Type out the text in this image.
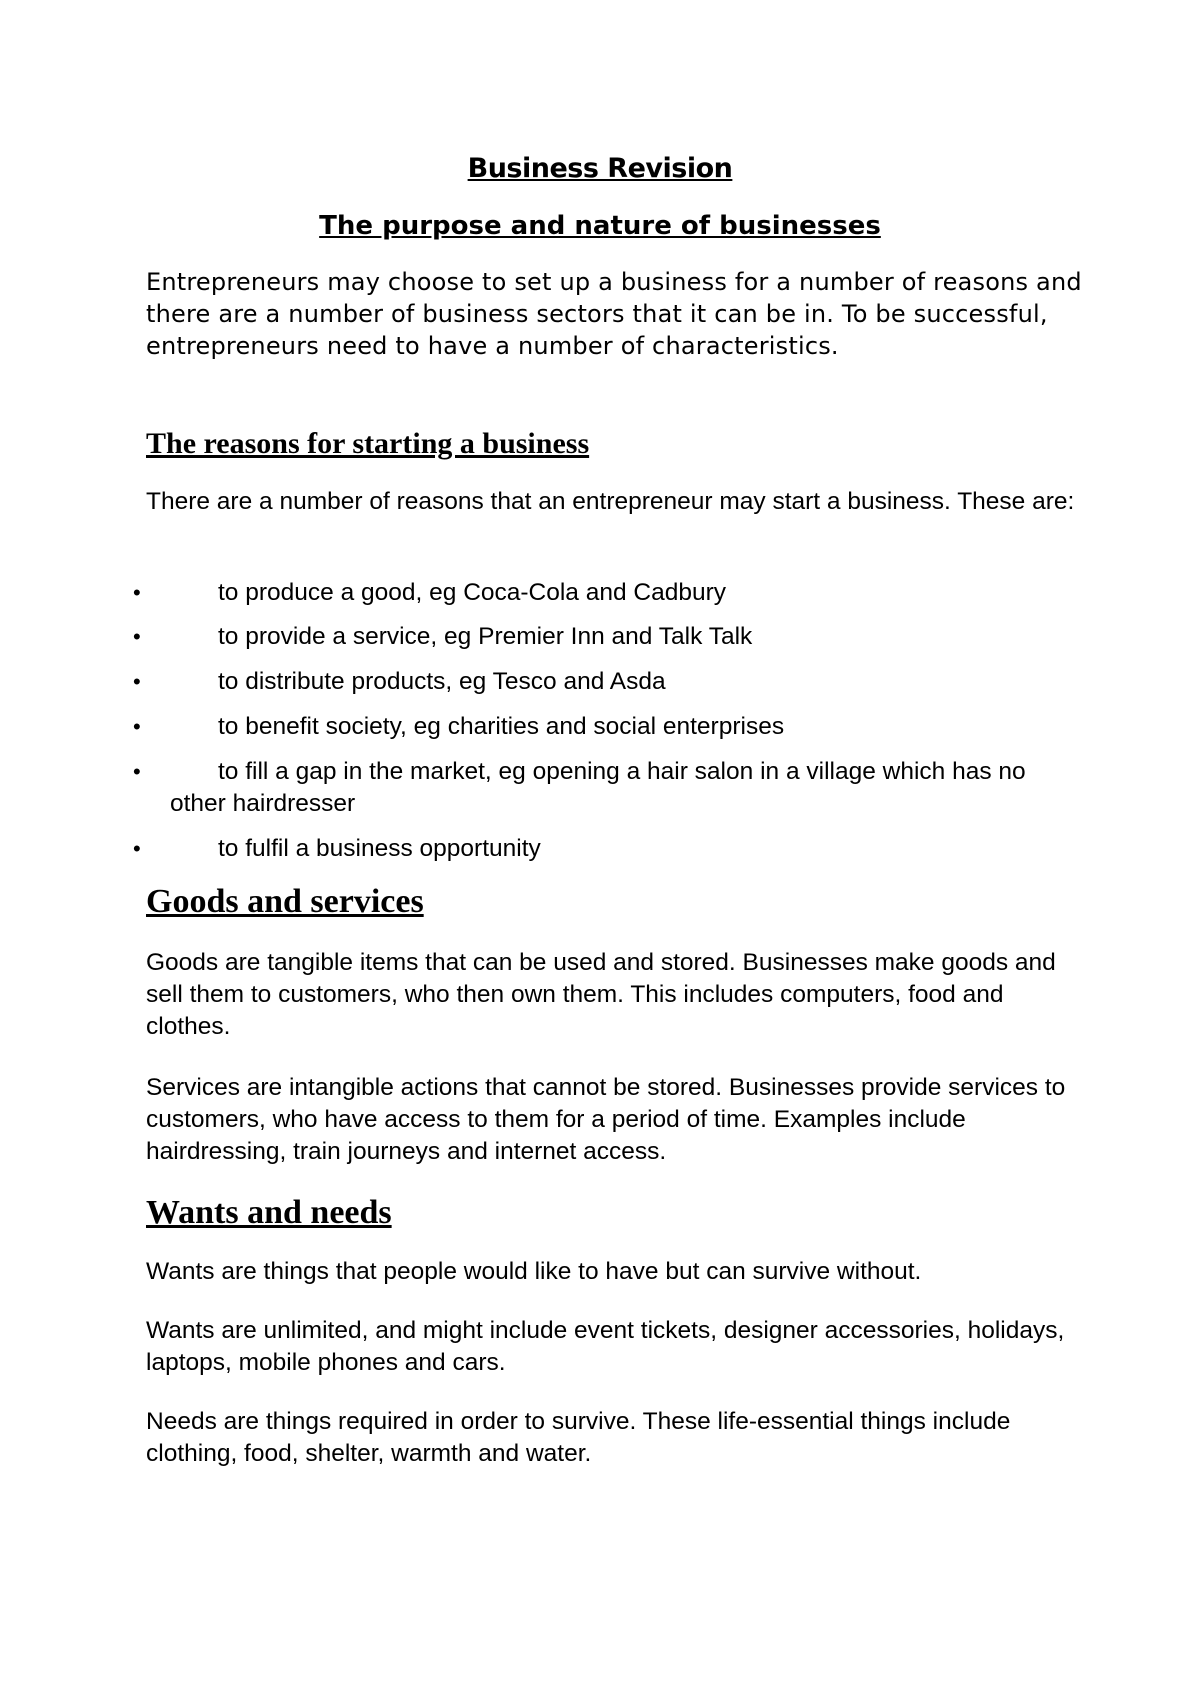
Business Revision
The purpose and nature of businesses

Entrepreneurs may choose to set up a business for a number of reasons and there are a number of business sectors that it can be in. To be successful, entrepreneurs need to have a number of characteristics.

The reasons for starting a business

There are a number of reasons that an entrepreneur may start a business. These are:

•	to produce a good, eg Coca-Cola and Cadbury
•	to provide a service, eg Premier Inn and Talk Talk
•	to distribute products, eg Tesco and Asda
•	to benefit society, eg charities and social enterprises
•	to fill a gap in the market, eg opening a hair salon in a village which has no other hairdresser
•	to fulfil a business opportunity
Goods and services

Goods are tangible items that can be used and stored. Businesses make goods and sell them to customers, who then own them. This includes computers, food and clothes.

Services are intangible actions that cannot be stored. Businesses provide services to customers, who have access to them for a period of time. Examples include hairdressing, train journeys and internet access.

Wants and needs

Wants are things that people would like to have but can survive without.

Wants are unlimited, and might include event tickets, designer accessories, holidays, laptops, mobile phones and cars.

Needs are things required in order to survive. These life-essential things include clothing, food, shelter, warmth and water.
